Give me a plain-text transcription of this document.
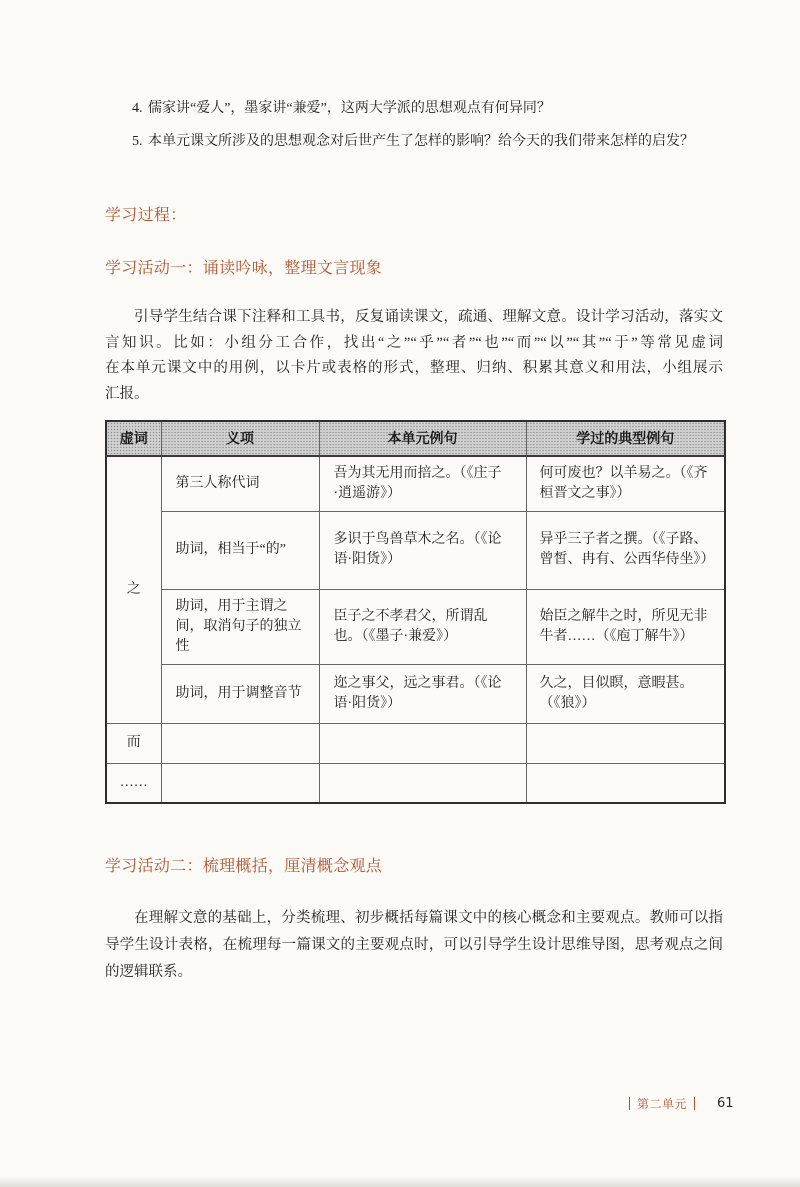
4. 儒家讲“爱人”，墨家讲“兼爱”，这两大学派的思想观点有何异同？
5. 本单元课文所涉及的思想观念对后世产生了怎样的影响？给今天的我们带来怎样的启发？
学习过程：
学习活动一：诵读吟咏，整理文言现象

引导学生结合课下注释和工具书，反复诵读课文，疏通、理解文意。设计学习活动，落实文
言知识。比如：小组分工合作，找出“之”“乎”“者”“也”“而”“以”“其”“于”等常见虚词
在本单元课文中的用例，以卡片或表格的形式，整理、归纳、积累其意义和用法，小组展示
汇报。

虚词	义项	本单元例句	学过的典型例句
之	第三人称代词	吾为其无用而掊之。（《庄子·逍遥游》）	何可废也？以羊易之。（《齐桓晋文之事》）
	助词，相当于“的”	多识于鸟兽草木之名。（《论语·阳货》）	异乎三子者之撰。（《子路、曾皙、冉有、公西华侍坐》）
	助词，用于主谓之间，取消句子的独立性	臣子之不孝君父，所谓乱也。（《墨子·兼爱》）	始臣之解牛之时，所见无非牛者……（《庖丁解牛》）
	助词，用于调整音节	迩之事父，远之事君。（《论语·阳货》）	久之，目似瞑，意暇甚。（《狼》）
而			
……			
学习活动二：梳理概括，厘清概念观点

在理解文意的基础上，分类梳理、初步概括每篇课文中的核心概念和主要观点。教师可以指
导学生设计表格，在梳理每一篇课文的主要观点时，可以引导学生设计思维导图，思考观点之间
的逻辑联系。

第二单元 61
